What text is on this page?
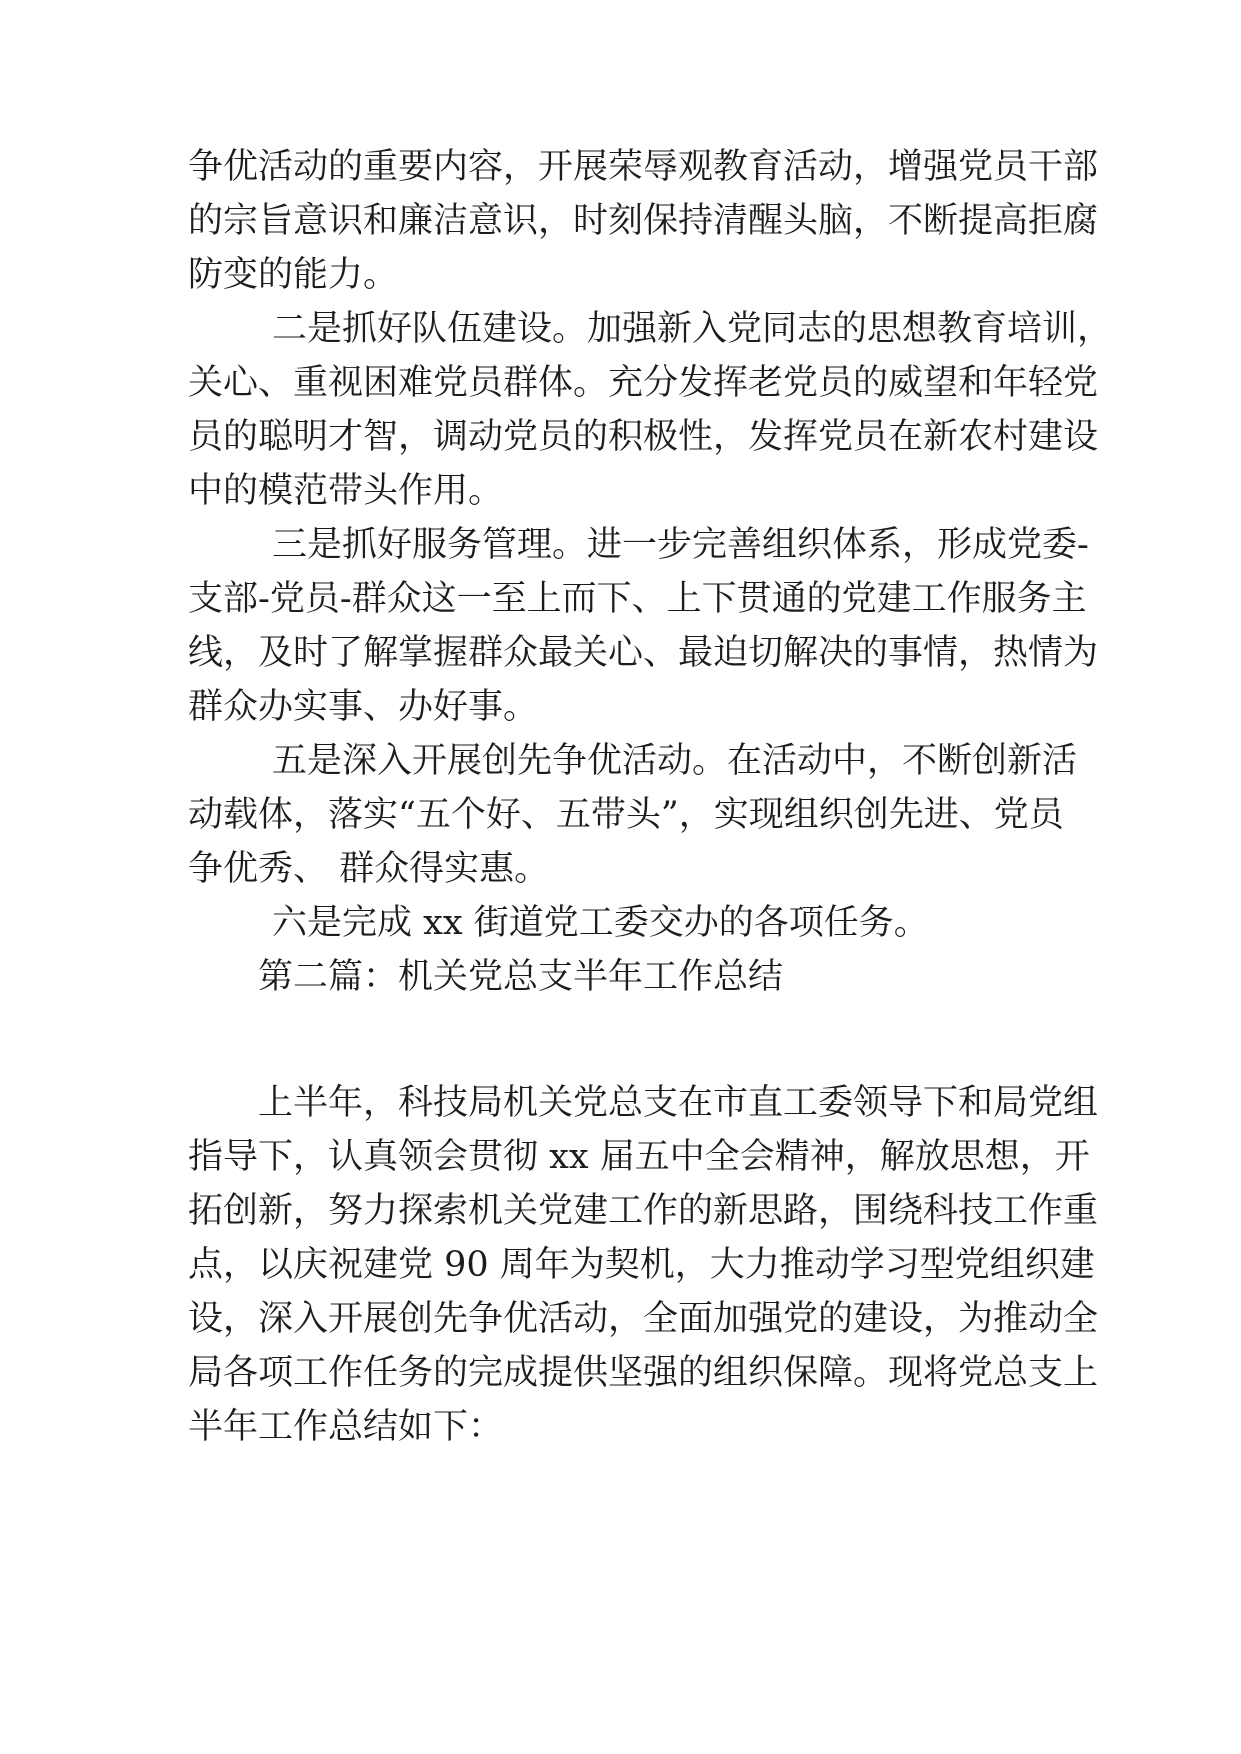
争优活动的重要内容，开展荣辱观教育活动，增强党员干部
的宗旨意识和廉洁意识，时刻保持清醒头脑，不断提高拒腐
防变的能力。
二是抓好队伍建设。加强新入党同志的思想教育培训，
关心、重视困难党员群体。充分发挥老党员的威望和年轻党
员的聪明才智，调动党员的积极性，发挥党员在新农村建设
中的模范带头作用。
三是抓好服务管理。进一步完善组织体系，形成党委-
支部-党员-群众这一至上而下、上下贯通的党建工作服务主
线，及时了解掌握群众最关心、最迫切解决的事情，热情为
群众办实事、办好事。
五是深入开展创先争优活动。在活动中，不断创新活
动载体，落实“五个好、五带头”，实现组织创先进、党员
争优秀、 群众得实惠。
六是完成 xx 街道党工委交办的各项任务。
第二篇：机关党总支半年工作总结
上半年，科技局机关党总支在市直工委领导下和局党组
指导下，认真领会贯彻 xx 届五中全会精神，解放思想，开
拓创新，努力探索机关党建工作的新思路，围绕科技工作重
点，以庆祝建党 90 周年为契机，大力推动学习型党组织建
设，深入开展创先争优活动，全面加强党的建设，为推动全
局各项工作任务的完成提供坚强的组织保障。现将党总支上
半年工作总结如下：
